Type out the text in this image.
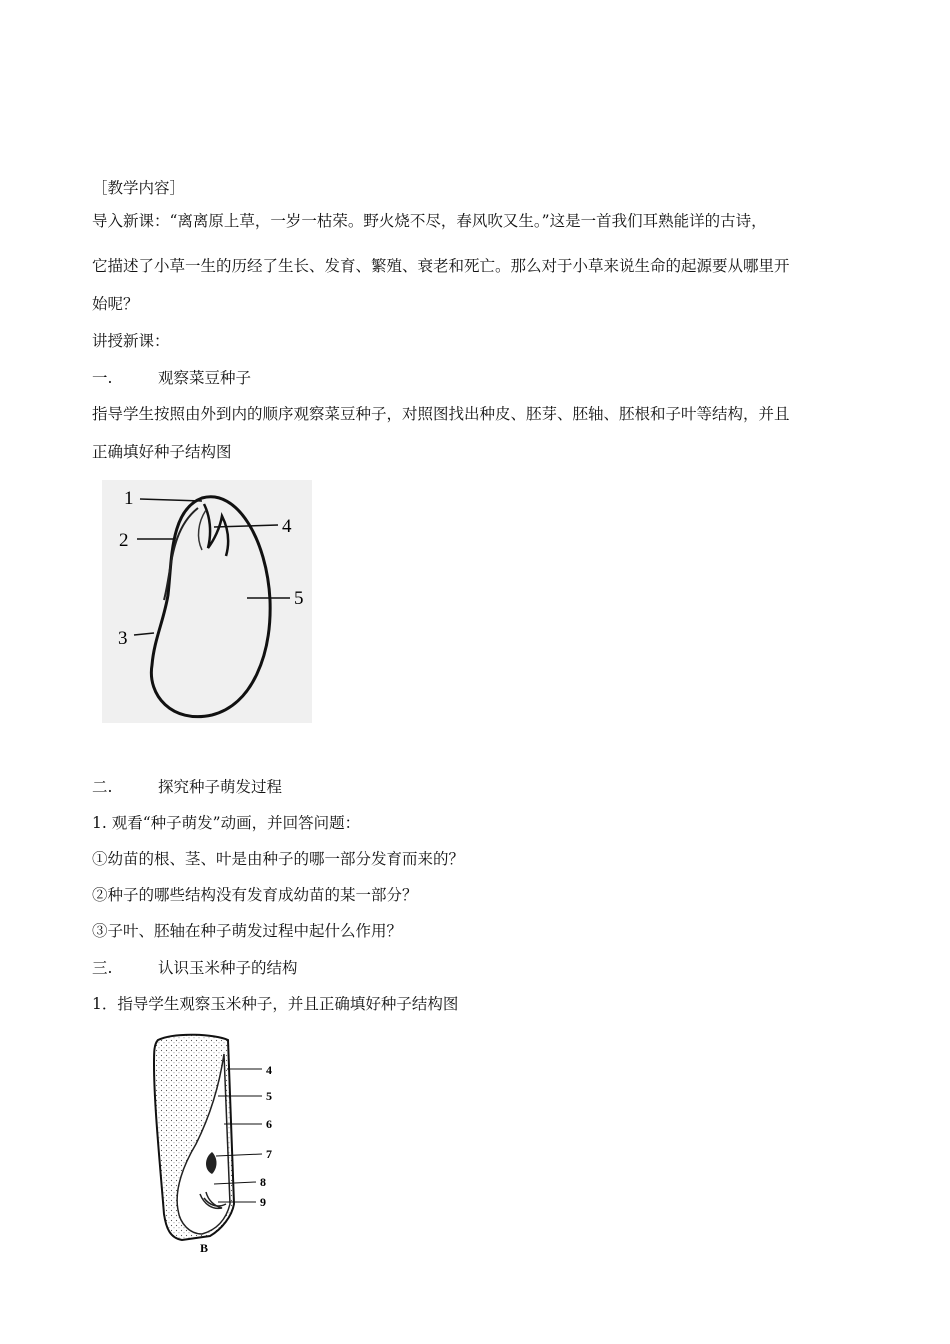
［教学内容］
导入新课：“离离原上草，一岁一枯荣。野火烧不尽，春风吹又生。”这是一首我们耳熟能详的古诗，
它描述了小草一生的历经了生长、发育、繁殖、衰老和死亡。那么对于小草来说生命的起源要从哪里开
始呢？
讲授新课：
一.	观察菜豆种子
指导学生按照由外到内的顺序观察菜豆种子，对照图找出种皮、胚芽、胚轴、胚根和子叶等结构，并且
正确填好种子结构图
1
2
3
4
5
二.	探究种子萌发过程
1. 观看“种子萌发”动画，并回答问题：
①幼苗的根、茎、叶是由种子的哪一部分发育而来的？
②种子的哪些结构没有发育成幼苗的某一部分？
③子叶、胚轴在种子萌发过程中起什么作用？
三.	认识玉米种子的结构
1．指导学生观察玉米种子，并且正确填好种子结构图
4
5
6
7
8
9
B
